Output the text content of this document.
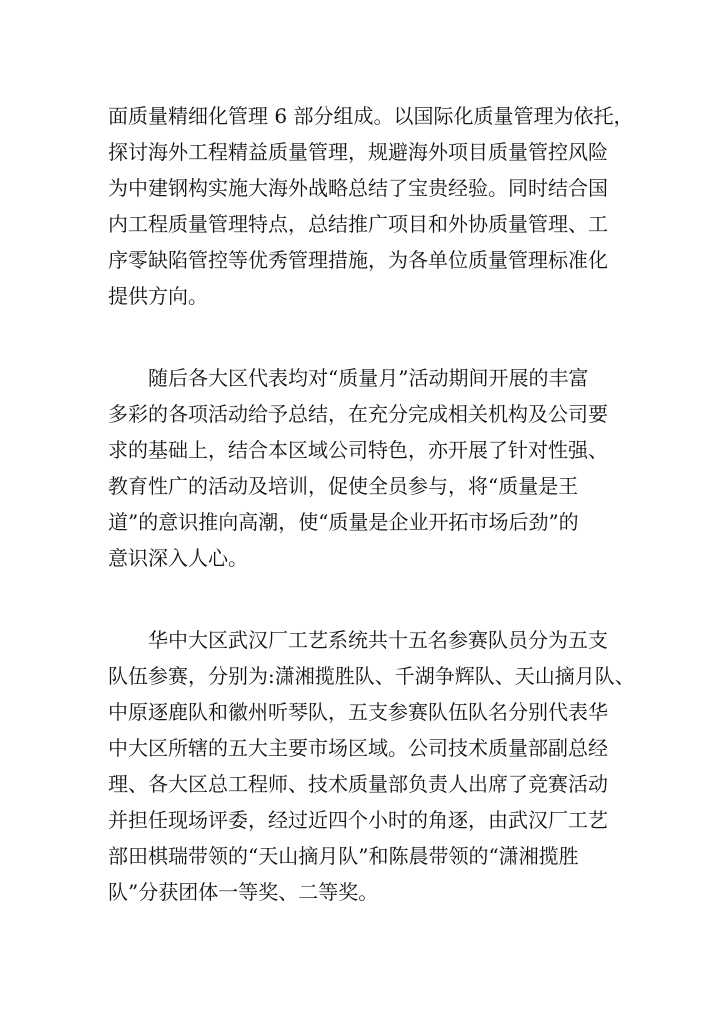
面质量精细化管理 6 部分组成。以国际化质量管理为依托，
探讨海外工程精益质量管理，规避海外项目质量管控风险
为中建钢构实施大海外战略总结了宝贵经验。同时结合国
内工程质量管理特点，总结推广项目和外协质量管理、工
序零缺陷管控等优秀管理措施，为各单位质量管理标准化
提供方向。
随后各大区代表均对“质量月”活动期间开展的丰富
多彩的各项活动给予总结，在充分完成相关机构及公司要
求的基础上，结合本区域公司特色，亦开展了针对性强、
教育性广的活动及培训，促使全员参与，将“质量是王
道”的意识推向高潮，使“质量是企业开拓市场后劲”的
意识深入人心。
华中大区武汉厂工艺系统共十五名参赛队员分为五支
队伍参赛，分别为:潇湘揽胜队、千湖争辉队、天山摘月队、
中原逐鹿队和徽州听琴队，五支参赛队伍队名分别代表华
中大区所辖的五大主要市场区域。公司技术质量部副总经
理、各大区总工程师、技术质量部负责人出席了竞赛活动
并担任现场评委，经过近四个小时的角逐，由武汉厂工艺
部田棋瑞带领的“天山摘月队”和陈晨带领的“潇湘揽胜
队”分获团体一等奖、二等奖。
